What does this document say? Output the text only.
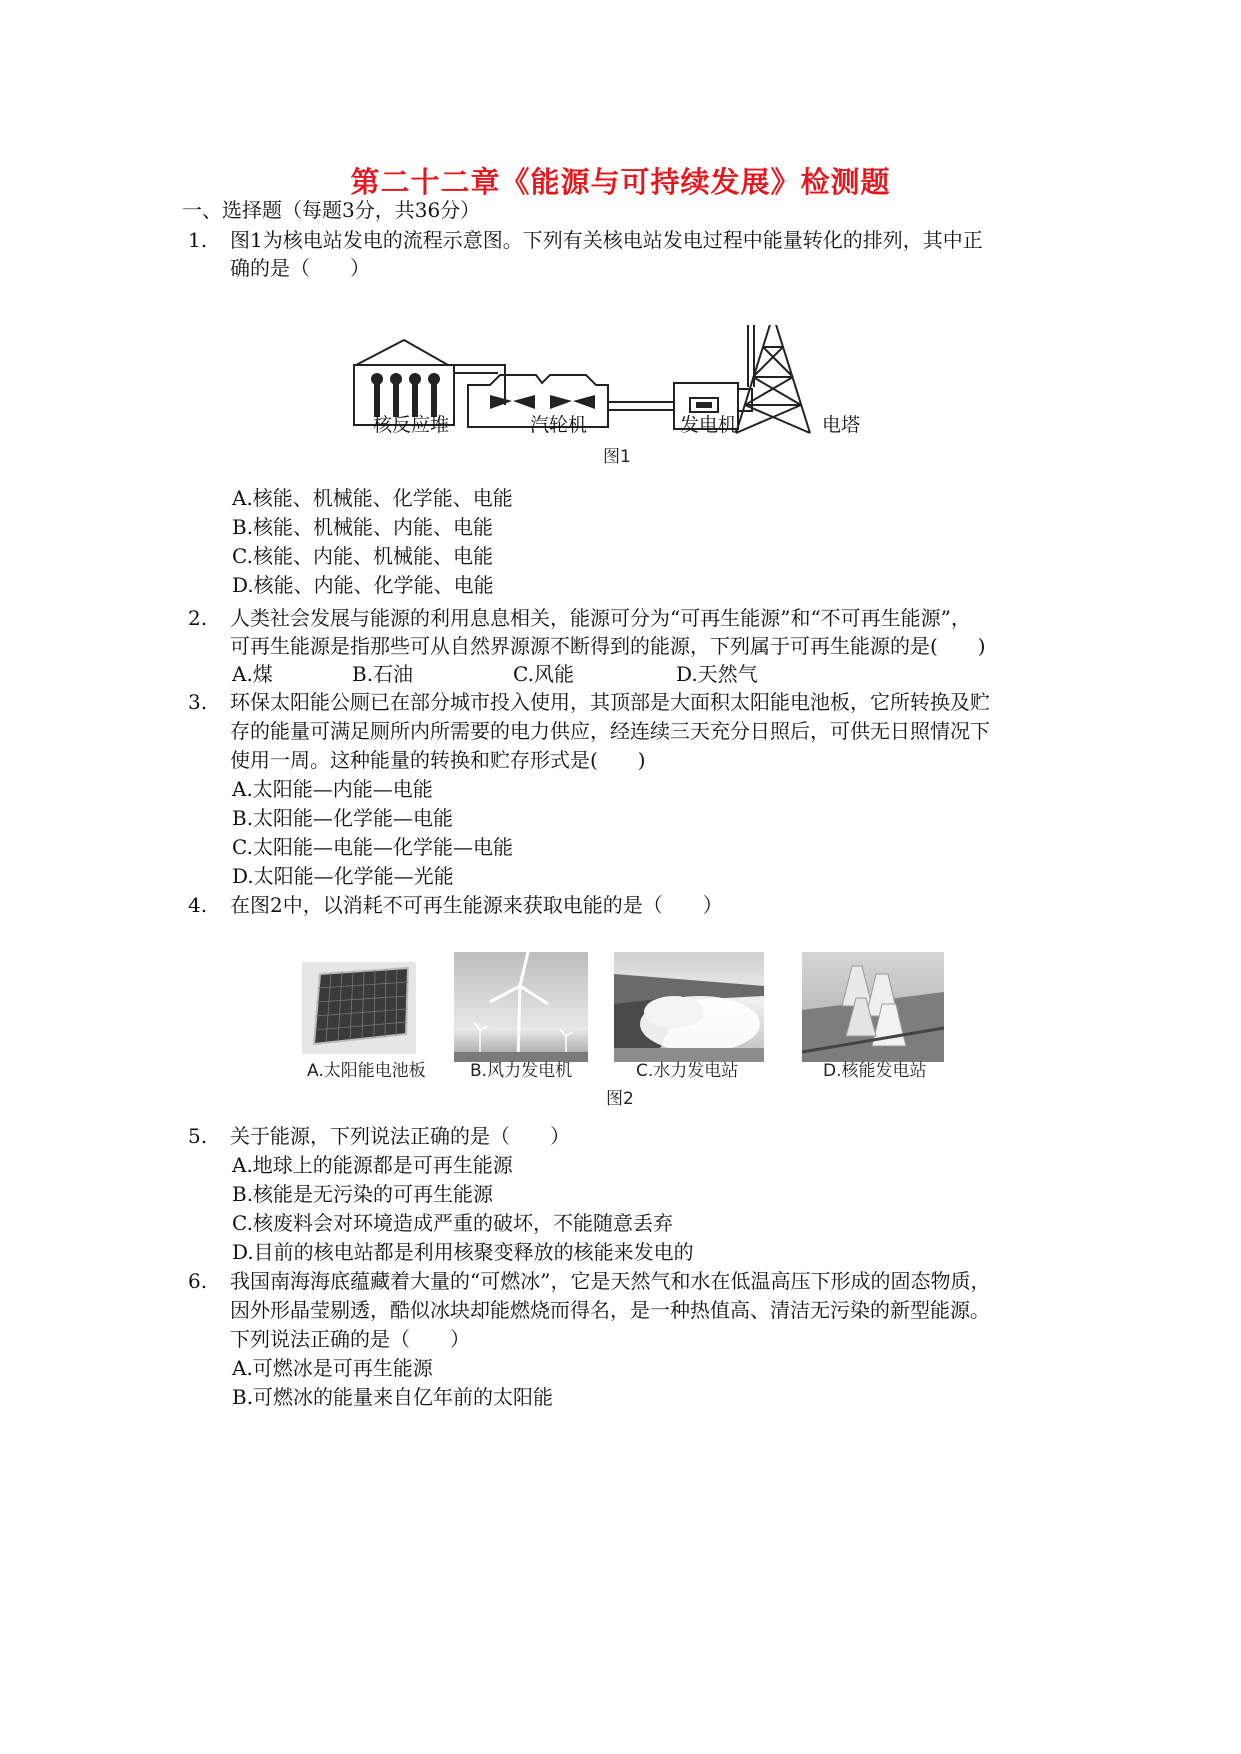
第二十二章《能源与可持续发展》检测题
一、选择题（每题3分，共36分）
1. 图1为核电站发电的流程示意图。下列有关核电站发电过程中能量转化的排列，其中正
确的是（　　）
核反应堆	汽轮机	发电机	电塔
图1
A.核能、机械能、化学能、电能
B.核能、机械能、内能、电能
C.核能、内能、机械能、电能
D.核能、内能、化学能、电能
2. 人类社会发展与能源的利用息息相关，能源可分为“可再生能源”和“不可再生能源”，
可再生能源是指那些可从自然界源源不断得到的能源，下列属于可再生能源的是(　　)
A.煤	B.石油	C.风能	D.天然气
3. 环保太阳能公厕已在部分城市投入使用，其顶部是大面积太阳能电池板，它所转换及贮
存的能量可满足厕所内所需要的电力供应，经连续三天充分日照后，可供无日照情况下
使用一周。这种能量的转换和贮存形式是(　　)
A.太阳能—内能—电能
B.太阳能—化学能—电能
C.太阳能—电能—化学能—电能
D.太阳能—化学能—光能
4. 在图2中，以消耗不可再生能源来获取电能的是（　　）
A.太阳能电池板	B.风力发电机	C.水力发电站	D.核能发电站
图2
5. 关于能源，下列说法正确的是（　　）
A.地球上的能源都是可再生能源
B.核能是无污染的可再生能源
C.核废料会对环境造成严重的破坏，不能随意丢弃
D.目前的核电站都是利用核聚变释放的核能来发电的
6. 我国南海海底蕴藏着大量的“可燃冰”，它是天然气和水在低温高压下形成的固态物质，
因外形晶莹剔透，酷似冰块却能燃烧而得名，是一种热值高、清洁无污染的新型能源。
下列说法正确的是（　　）
A.可燃冰是可再生能源
B.可燃冰的能量来自亿年前的太阳能
